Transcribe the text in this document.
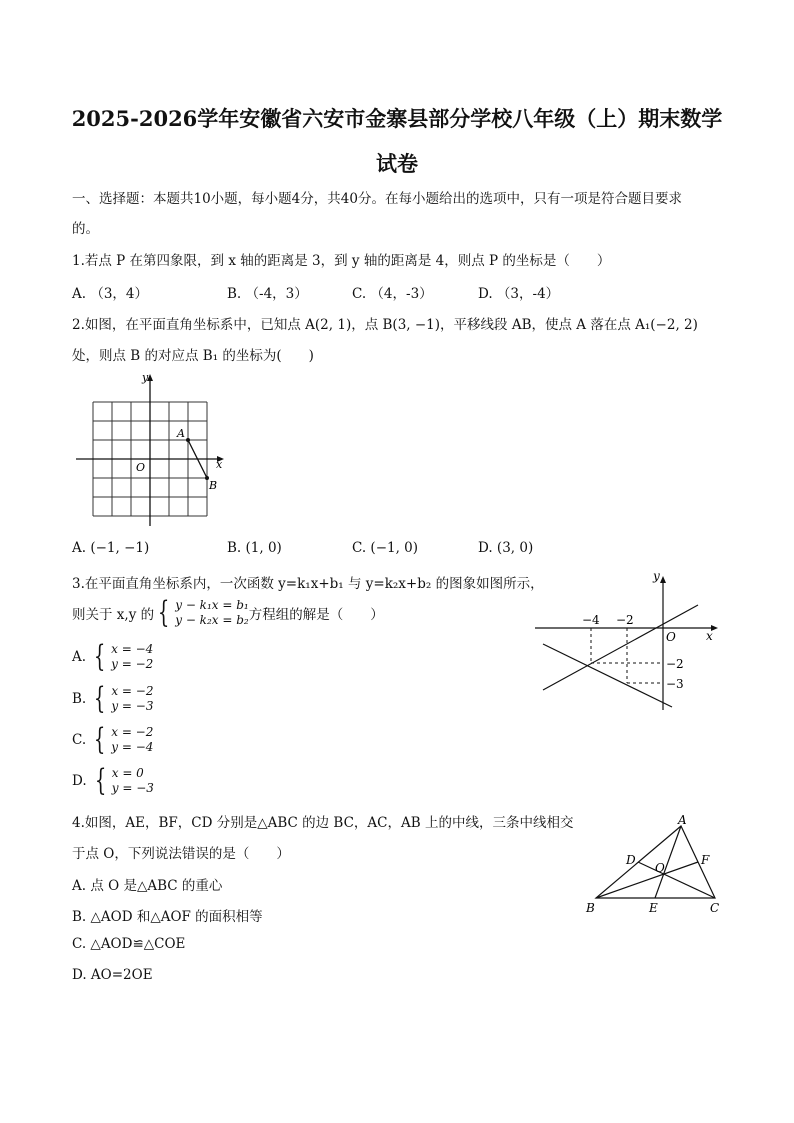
2025-2026学年安徽省六安市金寨县部分学校八年级（上）期末数学
试卷
一、选择题：本题共10小题，每小题4分，共40分。在每小题给出的选项中，只有一项是符合题目要求
的。
1.若点 P 在第四象限，到 x 轴的距离是 3，到 y 轴的距离是 4，则点 P 的坐标是（　　）
A. （3，4）	B. （-4，3）	C. （4，-3）	D. （3，-4）
2.如图，在平面直角坐标系中，已知点 A(2, 1)，点 B(3, −1)，平移线段 AB，使点 A 落在点 A₁(−2, 2)
处，则点 B 的对应点 B₁ 的坐标为(　　)
y
x
O
A
B
A. (−1, −1)	B. (1, 0)	C. (−1, 0)	D. (3, 0)
3.在平面直角坐标系内，一次函数 y=k₁x+b₁ 与 y=k₂x+b₂ 的图象如图所示，
则关于 x,y 的 { y − k₁x = b₁
y − k₂x = b₂ 方程组的解是（　　）
A. { x = −4
y = −2
B. { x = −2
y = −3
C. { x = −2
y = −4
D. { x = 0
y = −3
y
x
O
−4 −2
−2
−3
4.如图，AE，BF，CD 分别是△ABC 的边 BC，AC，AB 上的中线，三条中线相交
于点 O，下列说法错误的是（　　）
A. 点 O 是△ABC 的重心
B. △AOD 和△AOF 的面积相等
C. △AOD≌△COE
D. AO=2OE
A
B	C
D
E
F
O
